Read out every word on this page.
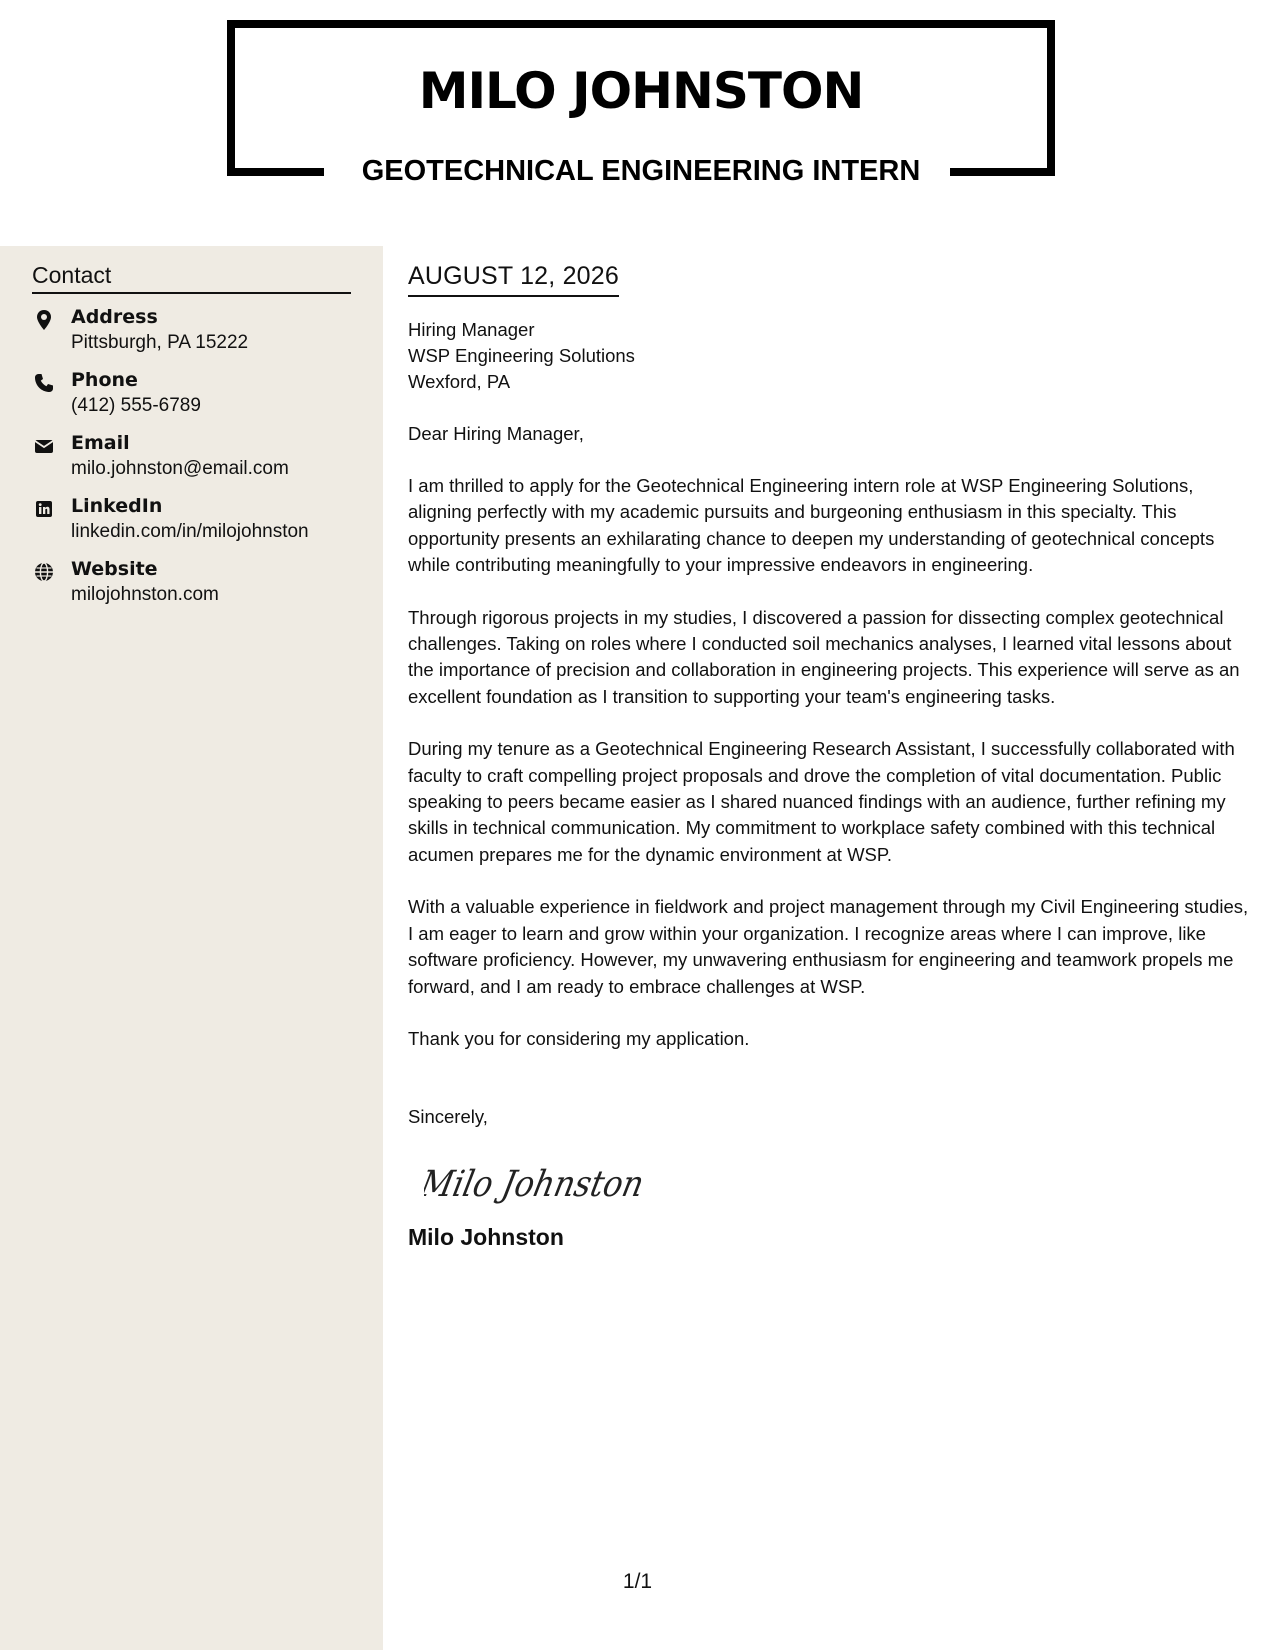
MILO JOHNSTON
GEOTECHNICAL ENGINEERING INTERN
Contact
Address
Pittsburgh, PA 15222
Phone
(412) 555-6789
Email
milo.johnston@email.com
LinkedIn
linkedin.com/in/milojohnston
Website
milojohnston.com
AUGUST 12, 2026
Hiring Manager
WSP Engineering Solutions
Wexford, PA
Dear Hiring Manager,
I am thrilled to apply for the Geotechnical Engineering intern role at WSP Engineering Solutions, aligning perfectly with my academic pursuits and burgeoning enthusiasm in this specialty. This opportunity presents an exhilarating chance to deepen my understanding of geotechnical concepts while contributing meaningfully to your impressive endeavors in engineering.
Through rigorous projects in my studies, I discovered a passion for dissecting complex geotechnical challenges. Taking on roles where I conducted soil mechanics analyses, I learned vital lessons about the importance of precision and collaboration in engineering projects. This experience will serve as an excellent foundation as I transition to supporting your team's engineering tasks.
During my tenure as a Geotechnical Engineering Research Assistant, I successfully collaborated with faculty to craft compelling project proposals and drove the completion of vital documentation. Public speaking to peers became easier as I shared nuanced findings with an audience, further refining my skills in technical communication. My commitment to workplace safety combined with this technical acumen prepares me for the dynamic environment at WSP.
With a valuable experience in fieldwork and project management through my Civil Engineering studies, I am eager to learn and grow within your organization. I recognize areas where I can improve, like software proficiency. However, my unwavering enthusiasm for engineering and teamwork propels me forward, and I am ready to embrace challenges at WSP.
Thank you for considering my application.
Sincerely,
Milo Johnston
Milo Johnston
1/1
